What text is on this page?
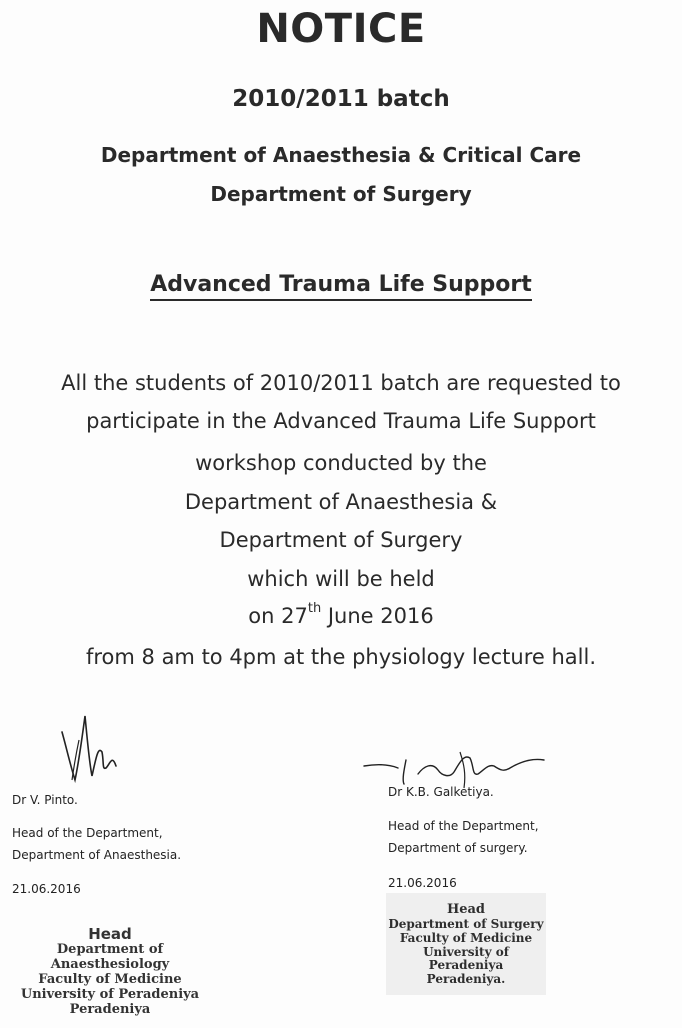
NOTICE
2010/2011 batch
Department of Anaesthesia & Critical Care
Department of Surgery
Advanced Trauma Life Support
All the students of 2010/2011 batch are requested to
participate in the Advanced Trauma Life Support
workshop conducted by the
Department of Anaesthesia &
Department of Surgery
which will be held
on 27th June 2016
from 8 am to 4pm at the physiology lecture hall.
Dr V. Pinto.
Head of the Department,
Department of Anaesthesia.
21.06.2016
Head
Department of Anaesthesiology
Faculty of Medicine
University of Peradeniya
Peradeniya
Dr K.B. Galketiya.
Head of the Department,
Department of surgery.
21.06.2016
Head
Department of Surgery
Faculty of Medicine
University of Peradeniya
Peradeniya.
